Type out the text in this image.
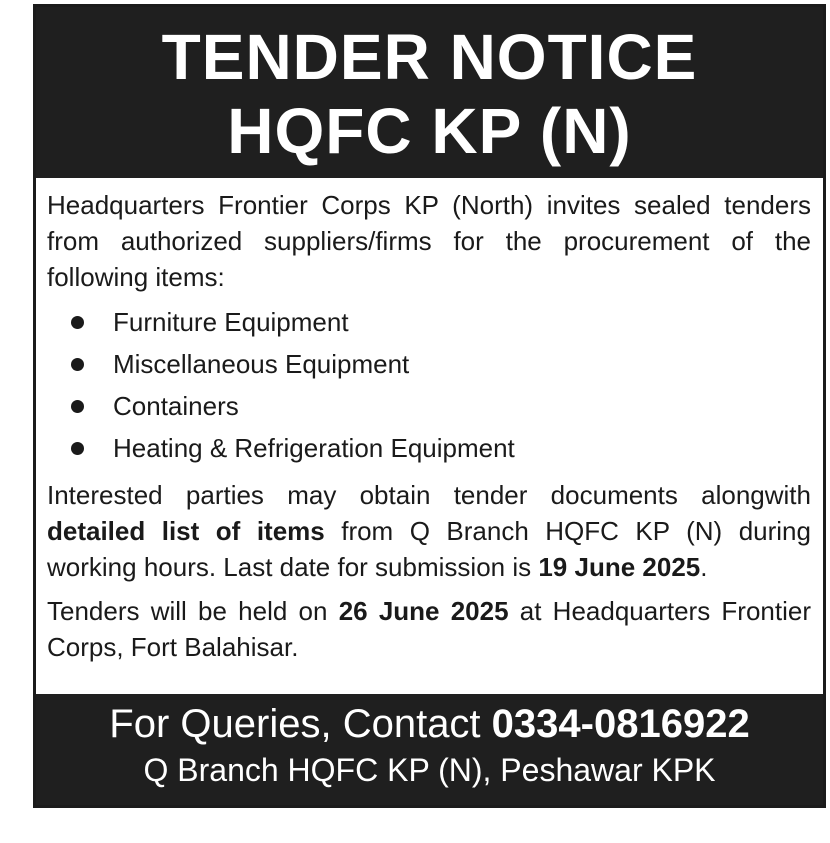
TENDER NOTICE
HQFC KP (N)

Headquarters Frontier Corps KP (North) invites sealed tenders from authorized suppliers/firms for the procurement of the following items:

Furniture Equipment
Miscellaneous Equipment
Containers
Heating & Refrigeration Equipment

Interested parties may obtain tender documents alongwith detailed list of items from Q Branch HQFC KP (N) during working hours. Last date for submission is 19 June 2025.

Tenders will be held on 26 June 2025 at Headquarters Frontier Corps, Fort Balahisar.

For Queries, Contact 0334-0816922
Q Branch HQFC KP (N), Peshawar KPK
